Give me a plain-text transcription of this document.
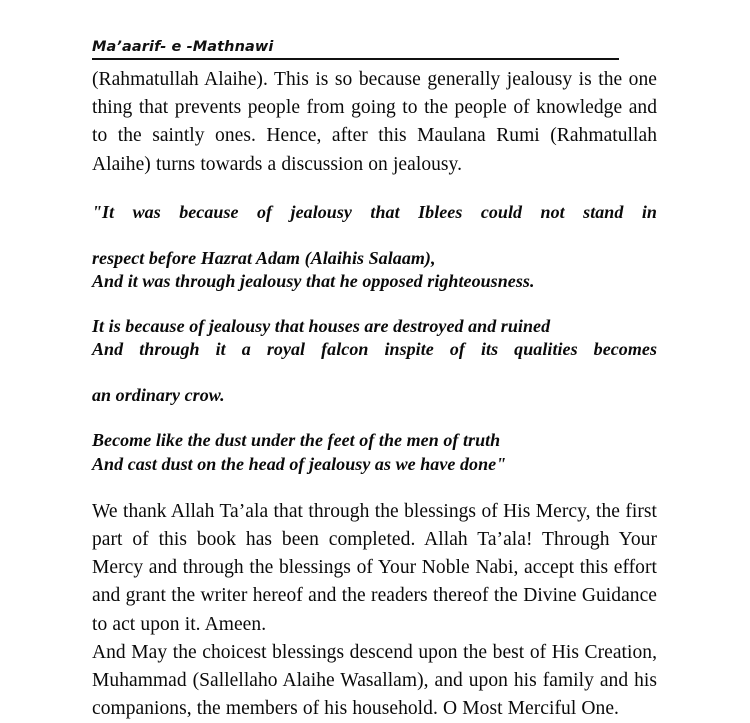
Ma’aarif- e -Mathnawi

(Rahmatullah Alaihe). This is so because generally jealousy is the one thing that prevents people from going to the people of knowledge and to the saintly ones. Hence, after this Maulana Rumi (Rahmatullah Alaihe) turns towards a discussion on jealousy.

"It was because of jealousy that Iblees could not stand in
respect before Hazrat Adam (Alaihis Salaam),
And it was through jealousy that he opposed righteousness.
It is because of jealousy that houses are destroyed and ruined
And through it a royal falcon inspite of its qualities becomes
an ordinary crow.
Become like the dust under the feet of the men of truth
And cast dust on the head of jealousy as we have done"

We thank Allah Ta’ala that through the blessings of His Mercy, the first part of this book has been completed. Allah Ta’ala! Through Your Mercy and through the blessings of Your Noble Nabi, accept this effort and grant the writer hereof and the readers thereof the Divine Guidance to act upon it. Ameen.

And May the choicest blessings descend upon the best of His Creation, Muhammad (Sallellaho Alaihe Wasallam), and upon his family and his companions, the members of his household. O Most Merciful One.
